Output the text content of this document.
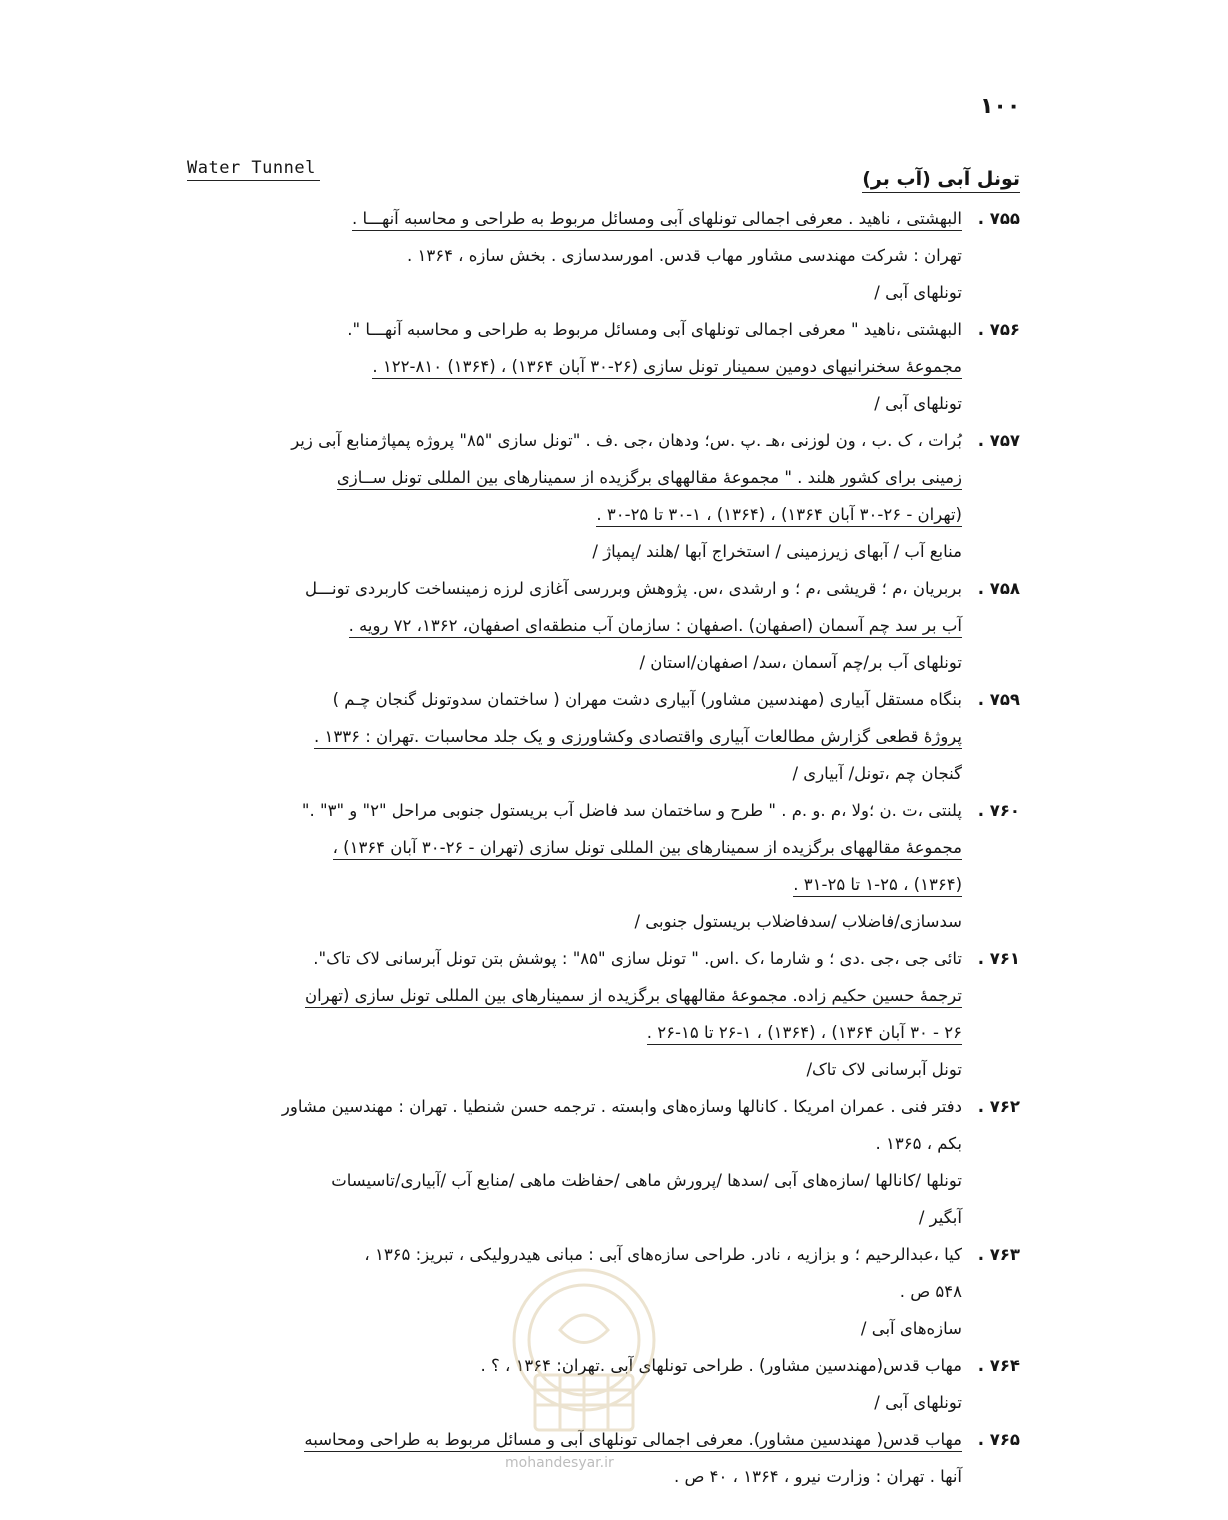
۱۰۰
Water Tunnel	تونل آبی (آب بر)
۷۵۵ .البهشتی ، ناهید . معرفی اجمالی تونلهای آبی ومسائل مربوط به طراحی و محاسبه آنهـــا .
تهران : شرکت مهندسی مشاور مهاب قدس. امورسدسازی . بخش سازه ، ۱۳۶۴ .
تونلهای آبی /
۷۵۶ .البهشتی ،ناهید " معرفی اجمالی تونلهای آبی ومسائل مربوط به طراحی و محاسبه آنهـــا ".
مجموعهٔ سخنرانیهای دومین سمینار تونل سازی (۲۶-۳۰ آبان ۱۳۶۴) ، (۱۳۶۴) ۸۱۰-۱۲۲ .
تونلهای آبی /
۷۵۷ .بُرات ، ک .ب ، ون لوزنی ،هـ .پ .س؛ ودهان ،جی .ف . "تونل سازی "۸۵" پروژه پمپاژمنابع آبی زیر
زمینی برای کشور هلند . " مجموعهٔ مقالههای برگزیده از سمینارهای بین المللی تونل ســازی
(تهران - ۲۶-۳۰ آبان ۱۳۶۴) ، (۱۳۶۴) ، ۱-۳۰ تا ۲۵-۳۰ .
منابع آب / آبهای زیرزمینی / استخراج آبها /هلند /پمپاژ /
۷۵۸ .بربریان ،م ؛ قریشی ،م ؛ و ارشدی ،س. پژوهش وبررسی آغازی لرزه زمینساخت کاربردی تونـــل
آب بر سد چم آسمان (اصفهان) .اصفهان : سازمان آب منطقه‌ای اصفهان، ۱۳۶۲، ۷۲ رویه .
تونلهای آب بر/چم آسمان ،سد/ اصفهان/استان /
۷۵۹ .بنگاه مستقل آبیاری (مهندسین مشاور) آبیاری دشت مهران ( ساختمان سدوتونل گنجان چـم )
پروژهٔ قطعی گزارش مطالعات آبیاری واقتصادی وکشاورزی و یک جلد محاسبات .تهران : ۱۳۳۶ .
گنجان چم ،تونل/ آبیاری /
۷۶۰ .پلنتی ،ت .ن ؛ولا ،م .و .م . " طرح و ساختمان سد فاضل آب بریستول جنوبی مراحل "۲" و "۳" ."
مجموعهٔ مقالههای برگزیده از سمینارهای بین المللی تونل سازی (تهران - ۲۶-۳۰ آبان ۱۳۶۴) ،
(۱۳۶۴) ، ۱-۲۵ تا ۲۵-۳۱ .
سدسازی/فاضلاب /سدفاضلاب بریستول جنوبی /
۷۶۱ .تائی جی ،جی .دی ؛ و شارما ،ک .اس. " تونل سازی "۸۵" : پوشش بتن تونل آبرسانی لاک تاک".
ترجمهٔ حسین حکیم زاده. مجموعهٔ مقالههای برگزیده از سمینارهای بین المللی تونل سازی (تهران
۲۶ - ۳۰ آبان ۱۳۶۴) ، (۱۳۶۴) ، ۱-۲۶ تا ۱۵-۲۶ .
تونل آبرسانی لاک تاک/
۷۶۲ .دفتر فنی . عمران امریکا . کانالها وسازه‌های وابسته . ترجمه حسن شنطیا . تهران : مهندسین مشاور
بکم ، ۱۳۶۵ .
تونلها /کانالها /سازه‌های آبی /سدها /پرورش ماهی /حفاظت ماهی /منابع آب /آبیاری/تاسیسات
آبگیر /
۷۶۳ .کیا ،عبدالرحیم ؛ و بزازیه ، نادر. طراحی سازه‌های آبی : مبانی هیدرولیکی ، تبریز: ۱۳۶۵ ،
۵۴۸ ص .
سازه‌های آبی /
۷۶۴ .مهاب قدس(مهندسین مشاور) . طراحی تونلهای آبی .تهران: ۱۳۶۴ ، ؟ .
تونلهای آبی /
۷۶۵ .مهاب قدس( مهندسین مشاور). معرفی اجمالی تونلهای آبی و مسائل مربوط به طراحی ومحاسبه
آنها . تهران : وزارت نیرو ، ۱۳۶۴ ، ۴۰ ص .
mohandesyar.ir
